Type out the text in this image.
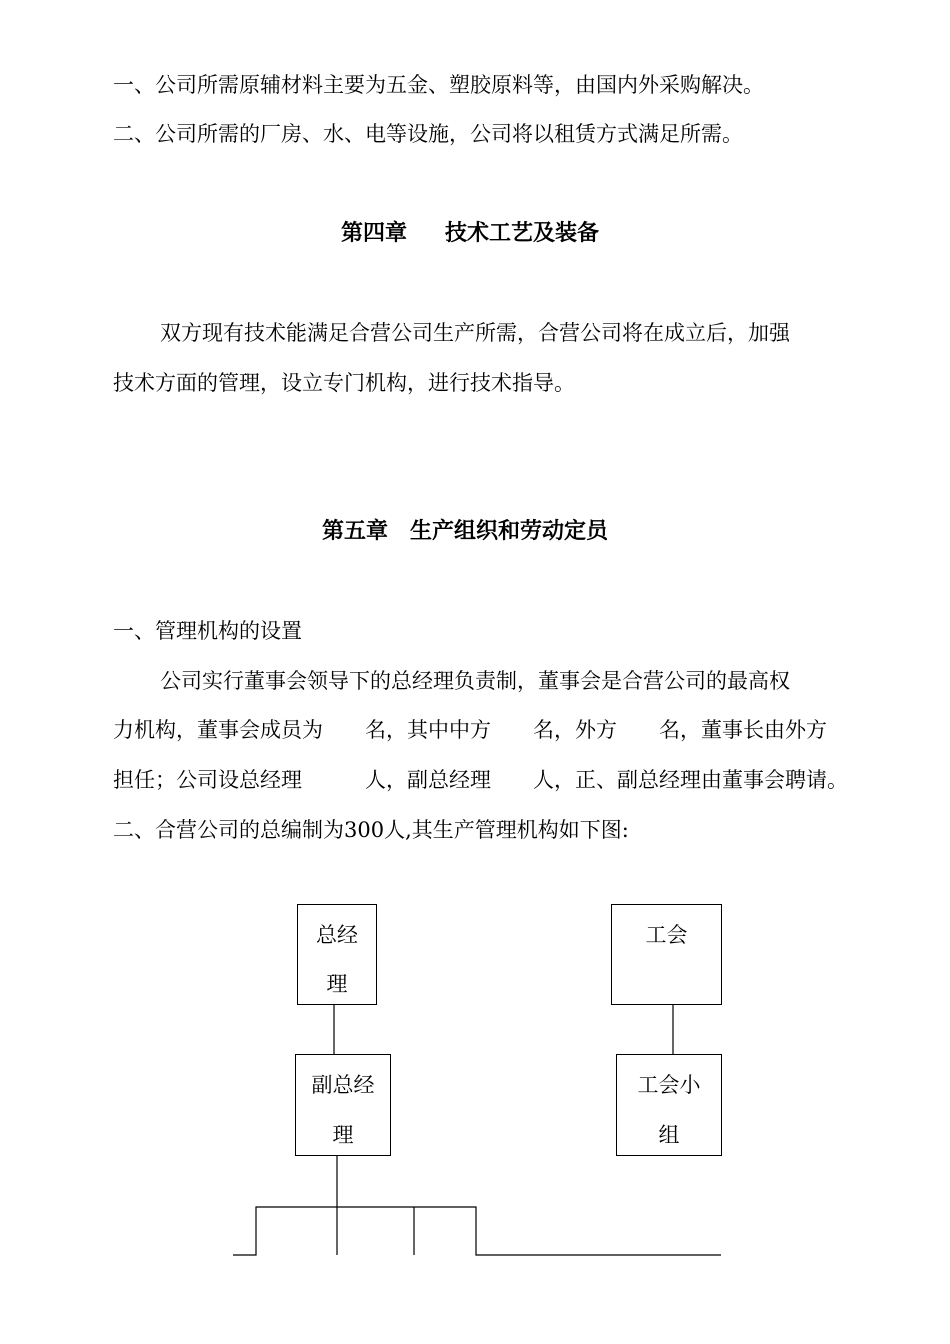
一、公司所需原辅材料主要为五金、塑胶原料等，由国内外采购解决。
二、公司所需的厂房、水、电等设施，公司将以租赁方式满足所需。
第四章 技术工艺及装备
双方现有技术能满足合营公司生产所需，合营公司将在成立后，加强
技术方面的管理，设立专门机构，进行技术指导。
第五章 生产组织和劳动定员
一、管理机构的设置
公司实行董事会领导下的总经理负责制，董事会是合营公司的最高权
力机构，董事会成员为　　名，其中中方　　名，外方　　名，董事长由外方
担任；公司设总经理　　　人，副总经理　　人，正、副总经理由董事会聘请。
二、合营公司的总编制为300人,其生产管理机构如下图:
总经
理
工会
副总经
理
工会小
组
